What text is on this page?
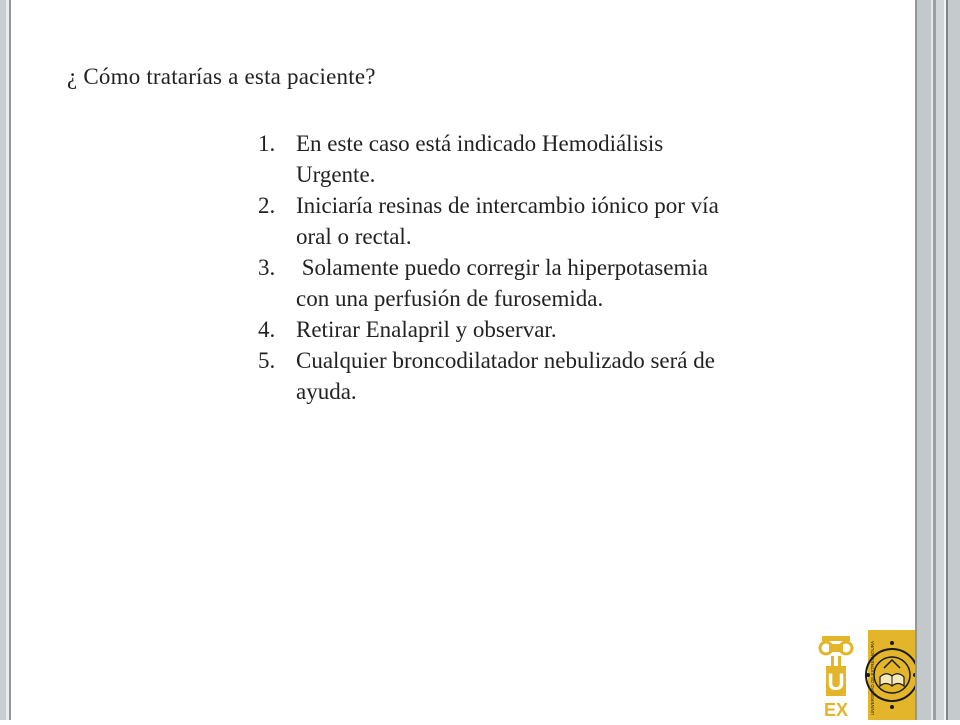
¿ Cómo tratarías a esta paciente?
1. En este caso está indicado Hemodiálisis
Urgente.
2. Iniciaría resinas de intercambio iónico por vía
oral o rectal.
3. Solamente puedo corregir la hiperpotasemia
con una perfusión de furosemida.
4. Retirar Enalapril y observar.
5. Cualquier broncodilatador nebulizado será de
ayuda.
U
EX	UNIVERSIDAD DE EXTREMADURA
